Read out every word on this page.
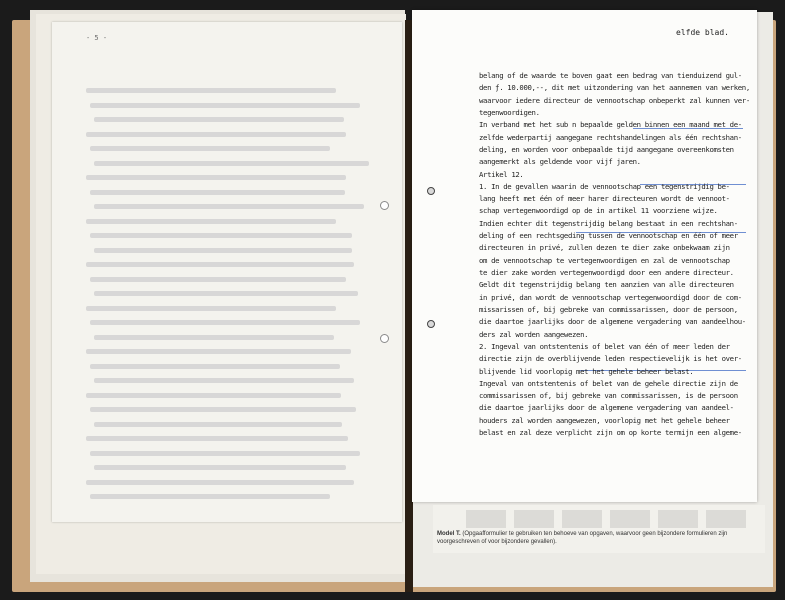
- 5 -
elfde blad.
belang of de waarde te boven gaat een bedrag van tienduizend gul-
den ƒ. 10.000,--, dit met uitzondering van het aannemen van werken,
waarvoor iedere directeur de vennootschap onbeperkt zal kunnen ver-
tegenwoordigen.
In verband met het sub n bepaalde gelden binnen een maand met de-
zelfde wederpartij aangegane rechtshandelingen als één rechtshan-
deling, en worden voor onbepaalde tijd aangegane overeenkomsten
aangemerkt als geldende voor vijf jaren.
Artikel 12.
1. In de gevallen waarin de vennootschap een tegenstrijdig be-
lang heeft met één of meer harer directeuren wordt de vennoot-
schap vertegenwoordigd op de in artikel 11 voorziene wijze.
Indien echter dit tegenstrijdig belang bestaat in een rechtshan-
deling of een rechtsgeding tussen de vennootschap en één of meer
directeuren in privé, zullen dezen te dier zake onbekwaam zijn
om de vennootschap te vertegenwoordigen en zal de vennootschap
te dier zake worden vertegenwoordigd door een andere directeur.
Geldt dit tegenstrijdig belang ten aanzien van alle directeuren
in privé, dan wordt de vennootschap vertegenwoordigd door de com-
missarissen of, bij gebreke van commissarissen, door de persoon,
die daartoe jaarlijks door de algemene vergadering van aandeelhou-
ders zal worden aangewezen.
2. Ingeval van ontstentenis of belet van één of meer leden der
directie zijn de overblijvende leden respectievelijk is het over-
blijvende lid voorlopig met het gehele beheer belast.
Ingeval van ontstentenis of belet van de gehele directie zijn de
commissarissen of, bij gebreke van commissarissen, is de persoon
die daartoe jaarlijks door de algemene vergadering van aandeel-
houders zal worden aangewezen, voorlopig met het gehele beheer
belast en zal deze verplicht zijn om op korte termijn een algeme-
Model T. (Opgaafformulier te gebruiken ten behoeve van opgaven, waarvoor geen bijzondere formulieren zijn voorgeschreven of voor bijzondere gevallen).
